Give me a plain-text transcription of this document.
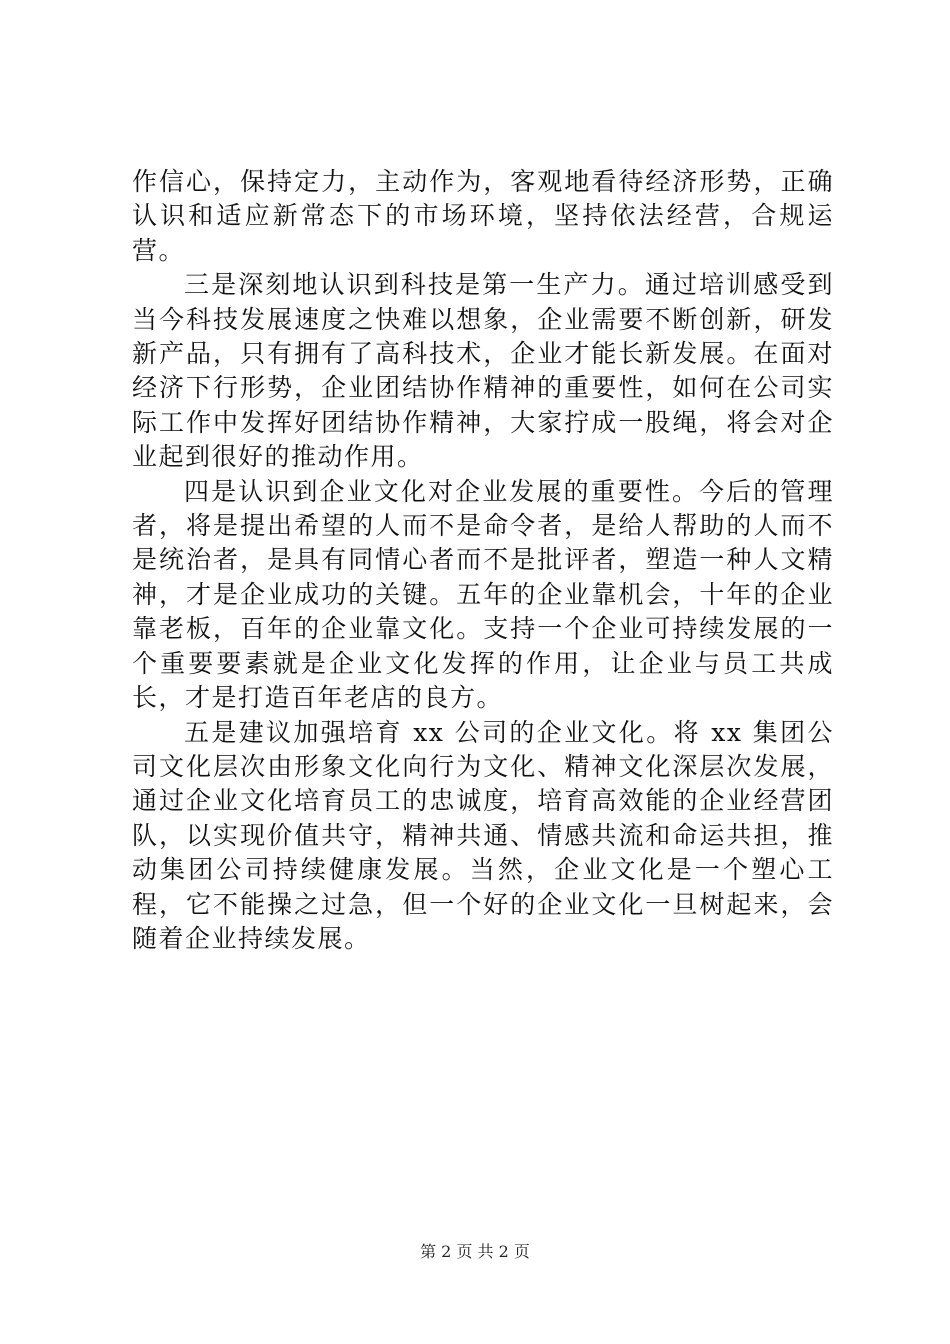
作信心，保持定力，主动作为，客观地看待经济形势，正确认识和适应新常态下的市场环境，坚持依法经营，合规运营。

三是深刻地认识到科技是第一生产力。通过培训感受到当今科技发展速度之快难以想象，企业需要不断创新，研发新产品，只有拥有了高科技术，企业才能长新发展。在面对经济下行形势，企业团结协作精神的重要性，如何在公司实际工作中发挥好团结协作精神，大家拧成一股绳，将会对企业起到很好的推动作用。

四是认识到企业文化对企业发展的重要性。今后的管理者，将是提出希望的人而不是命令者，是给人帮助的人而不是统治者，是具有同情心者而不是批评者，塑造一种人文精神，才是企业成功的关键。五年的企业靠机会，十年的企业靠老板，百年的企业靠文化。支持一个企业可持续发展的一个重要要素就是企业文化发挥的作用，让企业与员工共成长，才是打造百年老店的良方。

五是建议加强培育 xx 公司的企业文化。将 xx 集团公司文化层次由形象文化向行为文化、精神文化深层次发展，通过企业文化培育员工的忠诚度，培育高效能的企业经营团队，以实现价值共守，精神共通、情感共流和命运共担，推动集团公司持续健康发展。当然，企业文化是一个塑心工程，它不能操之过急，但一个好的企业文化一旦树起来，会随着企业持续发展。

第 2 页 共 2 页
